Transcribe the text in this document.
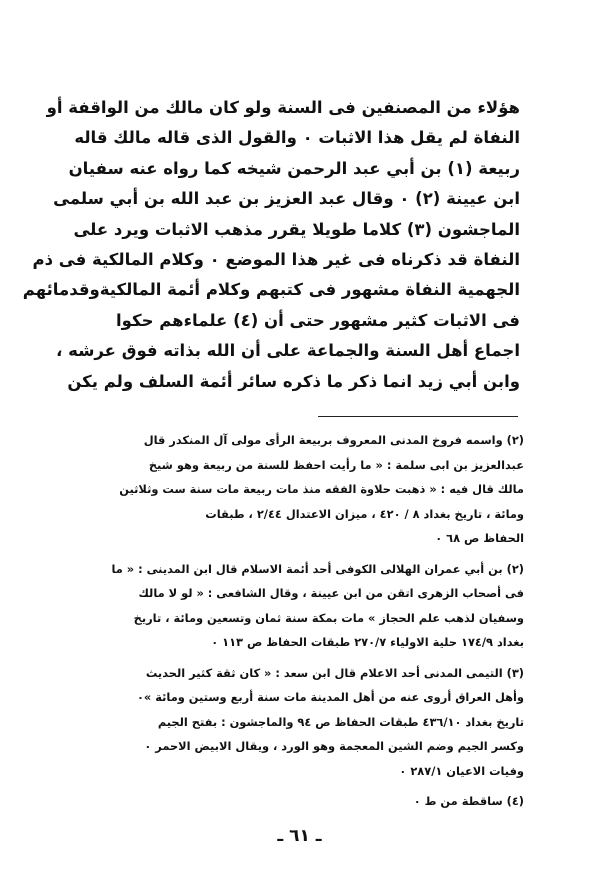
هؤلاء من المصنفين فى السنة ولو كان مالك من الواقفة أو
النفاة لم يقل هذا الاثبات ٠ والقول الذى قاله مالك قاله
ربيعة (١) بن أبي عبد الرحمن شيخه كما رواه عنه سفيان
ابن عيينة (٢) ٠ وقال عبد العزيز بن عبد الله بن أبي سلمى
الماجشون (٣) كلاما طويلا يقرر مذهب الاثبات ويرد على
النفاة قد ذكرناه فى غير هذا الموضع ٠ وكلام المالكية فى ذم
الجهمية النفاة مشهور فى كتبهم وكلام أئمة المالكيةوقدمائهم
فى الاثبات كثير مشهور حتى أن (٤) علماءهم حكوا
اجماع أهل السنة والجماعة على أن الله بذاته فوق عرشه ،
وابن أبي زيد انما ذكر ما ذكره سائر أئمة السلف ولم يكن
(٢) واسمه فروخ المدنى المعروف بربيعة الرأى مولى آل المنكدر قال
عبدالعزيز بن ابى سلمة : « ما رأيت احفظ للسنة من ربيعة وهو شيخ
مالك قال فيه : « ذهبت حلاوة الفقه منذ مات ربيعة مات سنة ست وثلاثين
ومائة ، تاريخ بغداد ٨ / ٤٢٠ ، ميزان الاعتدال ٢/٤٤ ، طبقات
الحفاظ ص ٦٨ ٠
(٢) بن أبي عمران الهلالى الكوفى أحد أئمة الاسلام قال ابن المدينى : « ما
فى أصحاب الزهرى اتقن من ابن عيينة ، وقال الشافعى : « لو لا مالك
وسفيان لذهب علم الحجاز » مات بمكة سنة ثمان وتسعين ومائة ، تاريخ
بغداد ١٧٤/٩ حلية الاولياء ٢٧٠/٧ طبقات الحفاظ ص ١١٣ ٠
(٣) التيمى المدنى أحد الاعلام قال ابن سعد : « كان ثقة كثير الحديث
وأهل العراق أروى عنه من أهل المدينة مات سنة أربع وستين ومائة »٠
تاريخ بغداد ٤٣٦/١٠ طبقات الحفاظ ص ٩٤ والماجشون : بفتح الجيم
وكسر الجيم وضم الشين المعجمة وهو الورد ، ويقال الابيض الاحمر ٠
وفيات الاعيان ٢٨٧/١ ٠
(٤) ساقطة من ط ٠
ـ ٦١ ـ
